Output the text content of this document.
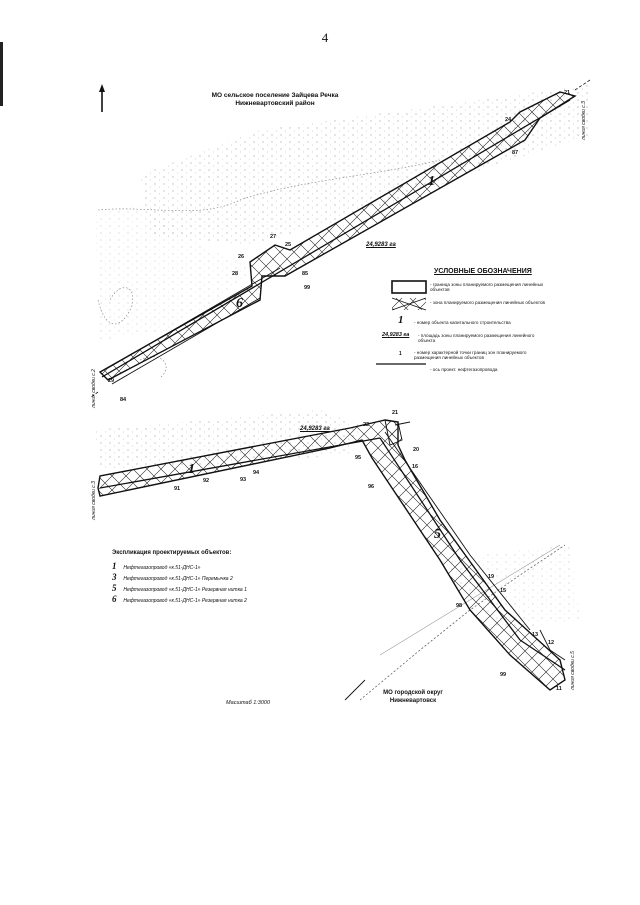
4
МО сельское поселение Зайцева Речка
Нижневартовский район
1
6
1
5
24,9283 га
24,9283 га
21
24
87
27
25
26
28	85
99
29
84
21
22
20
16
95
96
94
93
92
91
19
15
98
13
12
99
11
линия сводки с.3
линия сводки с.2
линия сводки с.3
линия сводки с.5
УСЛОВНЫЕ ОБОЗНАЧЕНИЯ
- граница зоны планируемого размещения линейных объектов
- зона планируемого размещения линейных объектов
1 - номер объекта капитального строительства
24,9283 га - площадь зоны планируемого размещения линейного объекта
1	- номер характерной точки границ зон планируемого размещения линейных объектов
- ось проект. нефтегазопровода
Экспликация проектируемых объектов:
1 Нефтегазопровод «к.51-ДНС-1»
3 Нефтегазопровод «к.51-ДНС-1» Перемычка 2
5 Нефтегазопровод «к.51-ДНС-1» Резервная нитка 1
6 Нефтегазопровод «к.51-ДНС-1» Резервная нитка 2
Масштаб 1:3000
МО городской округ
Нижневартовск
